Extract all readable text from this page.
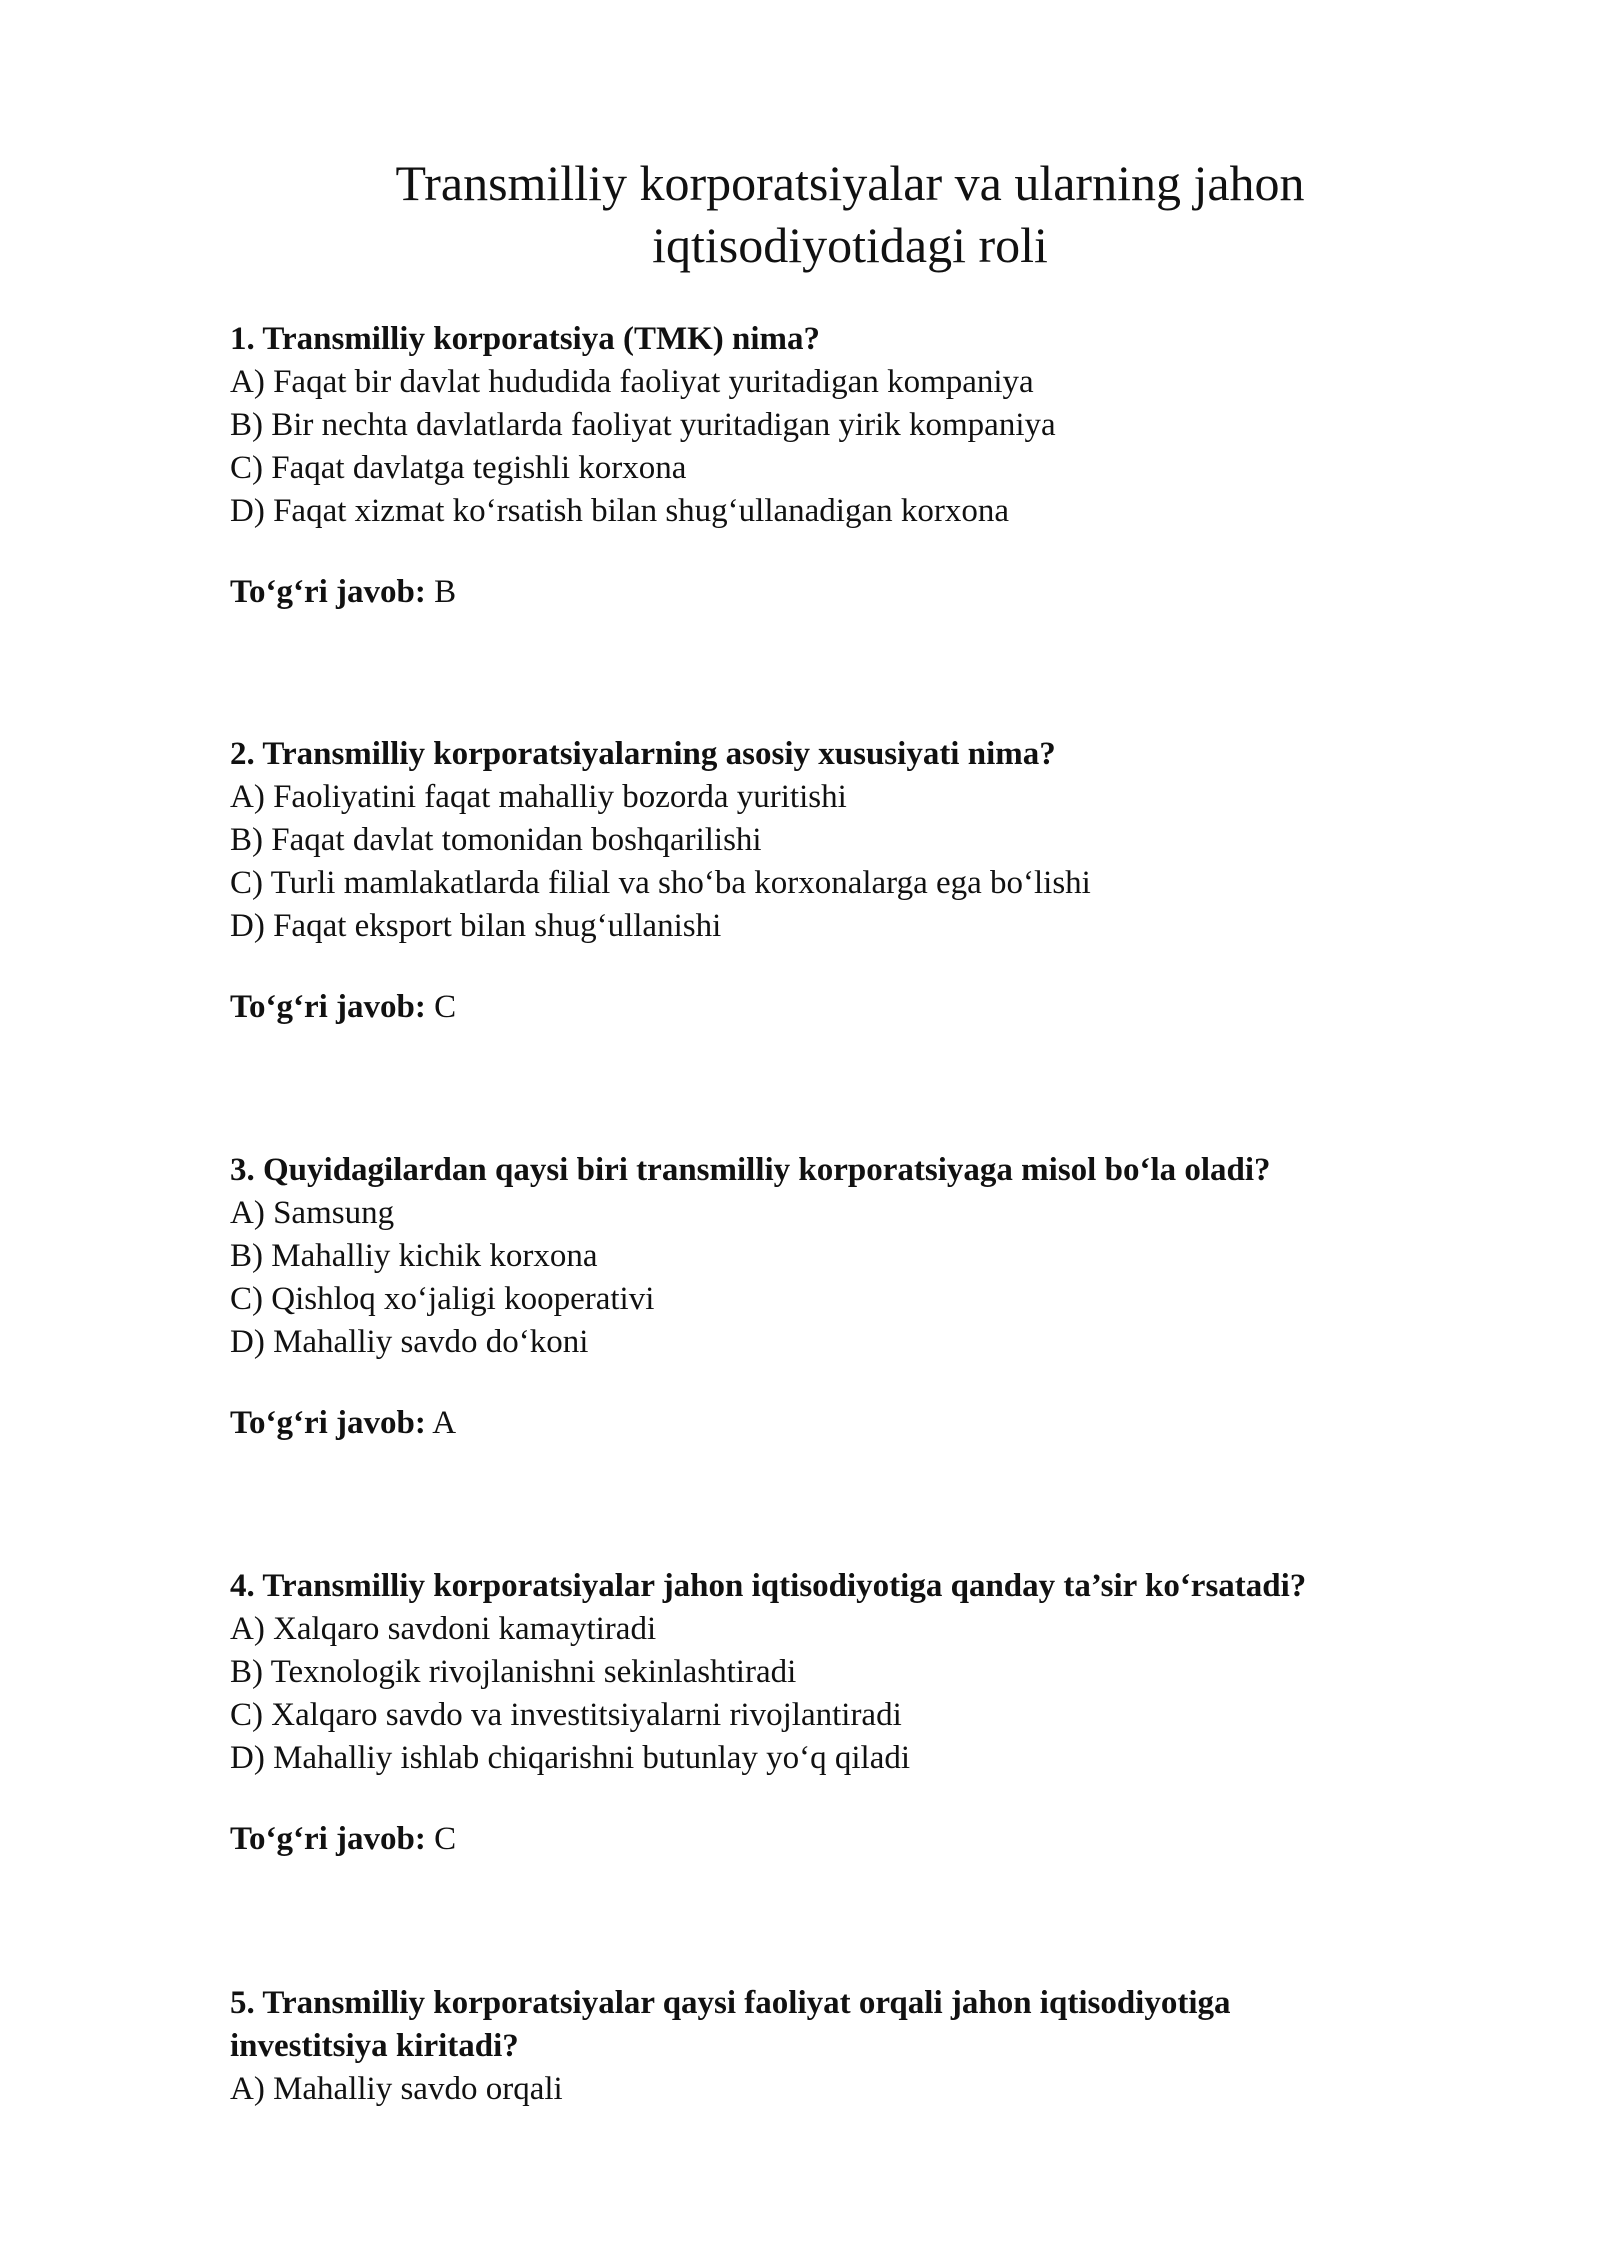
Transmilliy korporatsiyalar va ularning jahon
iqtisodiyotidagi roli

1. Transmilliy korporatsiya (TMK) nima?

A) Faqat bir davlat hududida faoliyat yuritadigan kompaniya
B) Bir nechta davlatlarda faoliyat yuritadigan yirik kompaniya
C) Faqat davlatga tegishli korxona
D) Faqat xizmat ko‘rsatish bilan shug‘ullanadigan korxona
To‘g‘ri javob: B

2. Transmilliy korporatsiyalarning asosiy xususiyati nima?

A) Faoliyatini faqat mahalliy bozorda yuritishi
B) Faqat davlat tomonidan boshqarilishi
C) Turli mamlakatlarda filial va sho‘ba korxonalarga ega bo‘lishi
D) Faqat eksport bilan shug‘ullanishi
To‘g‘ri javob: C

3. Quyidagilardan qaysi biri transmilliy korporatsiyaga misol bo‘la oladi?

A) Samsung
B) Mahalliy kichik korxona
C) Qishloq xo‘jaligi kooperativi
D) Mahalliy savdo do‘koni
To‘g‘ri javob: A

4. Transmilliy korporatsiyalar jahon iqtisodiyotiga qanday ta’sir ko‘rsatadi?

A) Xalqaro savdoni kamaytiradi
B) Texnologik rivojlanishni sekinlashtiradi
C) Xalqaro savdo va investitsiyalarni rivojlantiradi
D) Mahalliy ishlab chiqarishni butunlay yo‘q qiladi
To‘g‘ri javob: C

5. Transmilliy korporatsiyalar qaysi faoliyat orqali jahon iqtisodiyotiga
investitsiya kiritadi?

A) Mahalliy savdo orqali
